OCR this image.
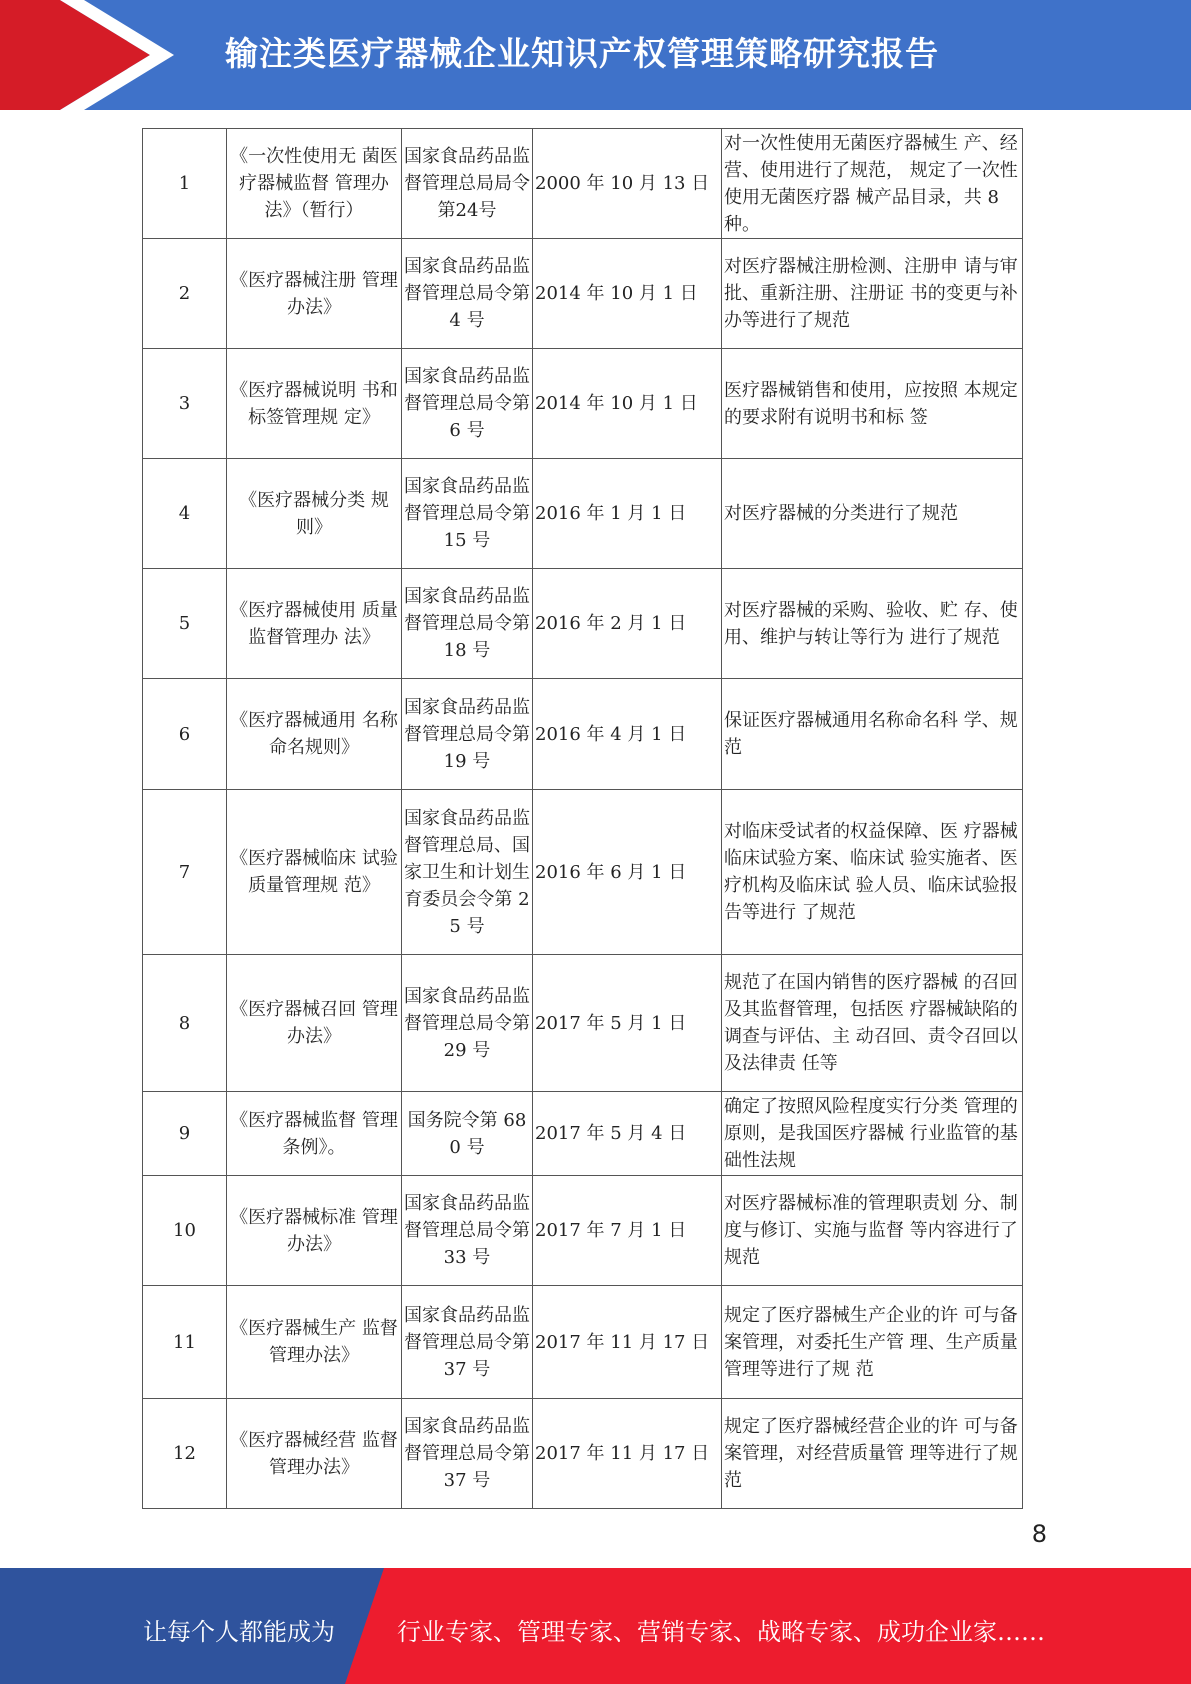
输注类医疗器械企业知识产权管理策略研究报告
1	《一次性使用无 菌医疗器械监督 管理办法》（暂行）	国家食品药品监督管理总局局令第24号	2000 年 10 月 13 日	对一次性使用无菌医疗器械生 产、经营、使用进行了规范， 规定了一次性使用无菌医疗器 械产品目录，共 8 种。
2	《医疗器械注册 管理办法》	国家食品药品监督管理总局令第 4 号	2014 年 10 月 1 日	对医疗器械注册检测、注册申 请与审批、重新注册、注册证 书的变更与补办等进行了规范
3	《医疗器械说明 书和标签管理规 定》	国家食品药品监督管理总局令第 6 号	2014 年 10 月 1 日	医疗器械销售和使用，应按照 本规定的要求附有说明书和标 签
4	《医疗器械分类 规则》	国家食品药品监督管理总局令第 15 号	2016 年 1 月 1 日	对医疗器械的分类进行了规范
5	《医疗器械使用 质量监督管理办 法》	国家食品药品监督管理总局令第 18 号	2016 年 2 月 1 日	对医疗器械的采购、验收、贮 存、使用、维护与转让等行为 进行了规范
6	《医疗器械通用 名称命名规则》	国家食品药品监督管理总局令第 19 号	2016 年 4 月 1 日	保证医疗器械通用名称命名科 学、规范
7	《医疗器械临床 试验质量管理规 范》	国家食品药品监督管理总局、国家卫生和计划生育委员会令第 25 号	2016 年 6 月 1 日	对临床受试者的权益保障、医 疗器械临床试验方案、临床试 验实施者、医疗机构及临床试 验人员、临床试验报告等进行 了规范
8	《医疗器械召回 管理办法》	国家食品药品监督管理总局令第 29 号	2017 年 5 月 1 日	规范了在国内销售的医疗器械 的召回及其监督管理，包括医 疗器械缺陷的调查与评估、主 动召回、责令召回以及法律责 任等
9	《医疗器械监督 管理条例》。	国务院令第 680 号	2017 年 5 月 4 日	确定了按照风险程度实行分类 管理的原则，是我国医疗器械 行业监管的基础性法规
10	《医疗器械标准 管理办法》	国家食品药品监督管理总局令第 33 号	2017 年 7 月 1 日	对医疗器械标准的管理职责划 分、制度与修订、实施与监督 等内容进行了规范
11	《医疗器械生产 监督管理办法》	国家食品药品监督管理总局令第 37 号	2017 年 11 月 17 日	规定了医疗器械生产企业的许 可与备案管理，对委托生产管 理、生产质量管理等进行了规 范
12	《医疗器械经营 监督管理办法》	国家食品药品监督管理总局令第 37 号	2017 年 11 月 17 日	规定了医疗器械经营企业的许 可与备案管理，对经营质量管 理等进行了规范
8
让每个人都能成为	行业专家、管理专家、营销专家、战略专家、成功企业家……
